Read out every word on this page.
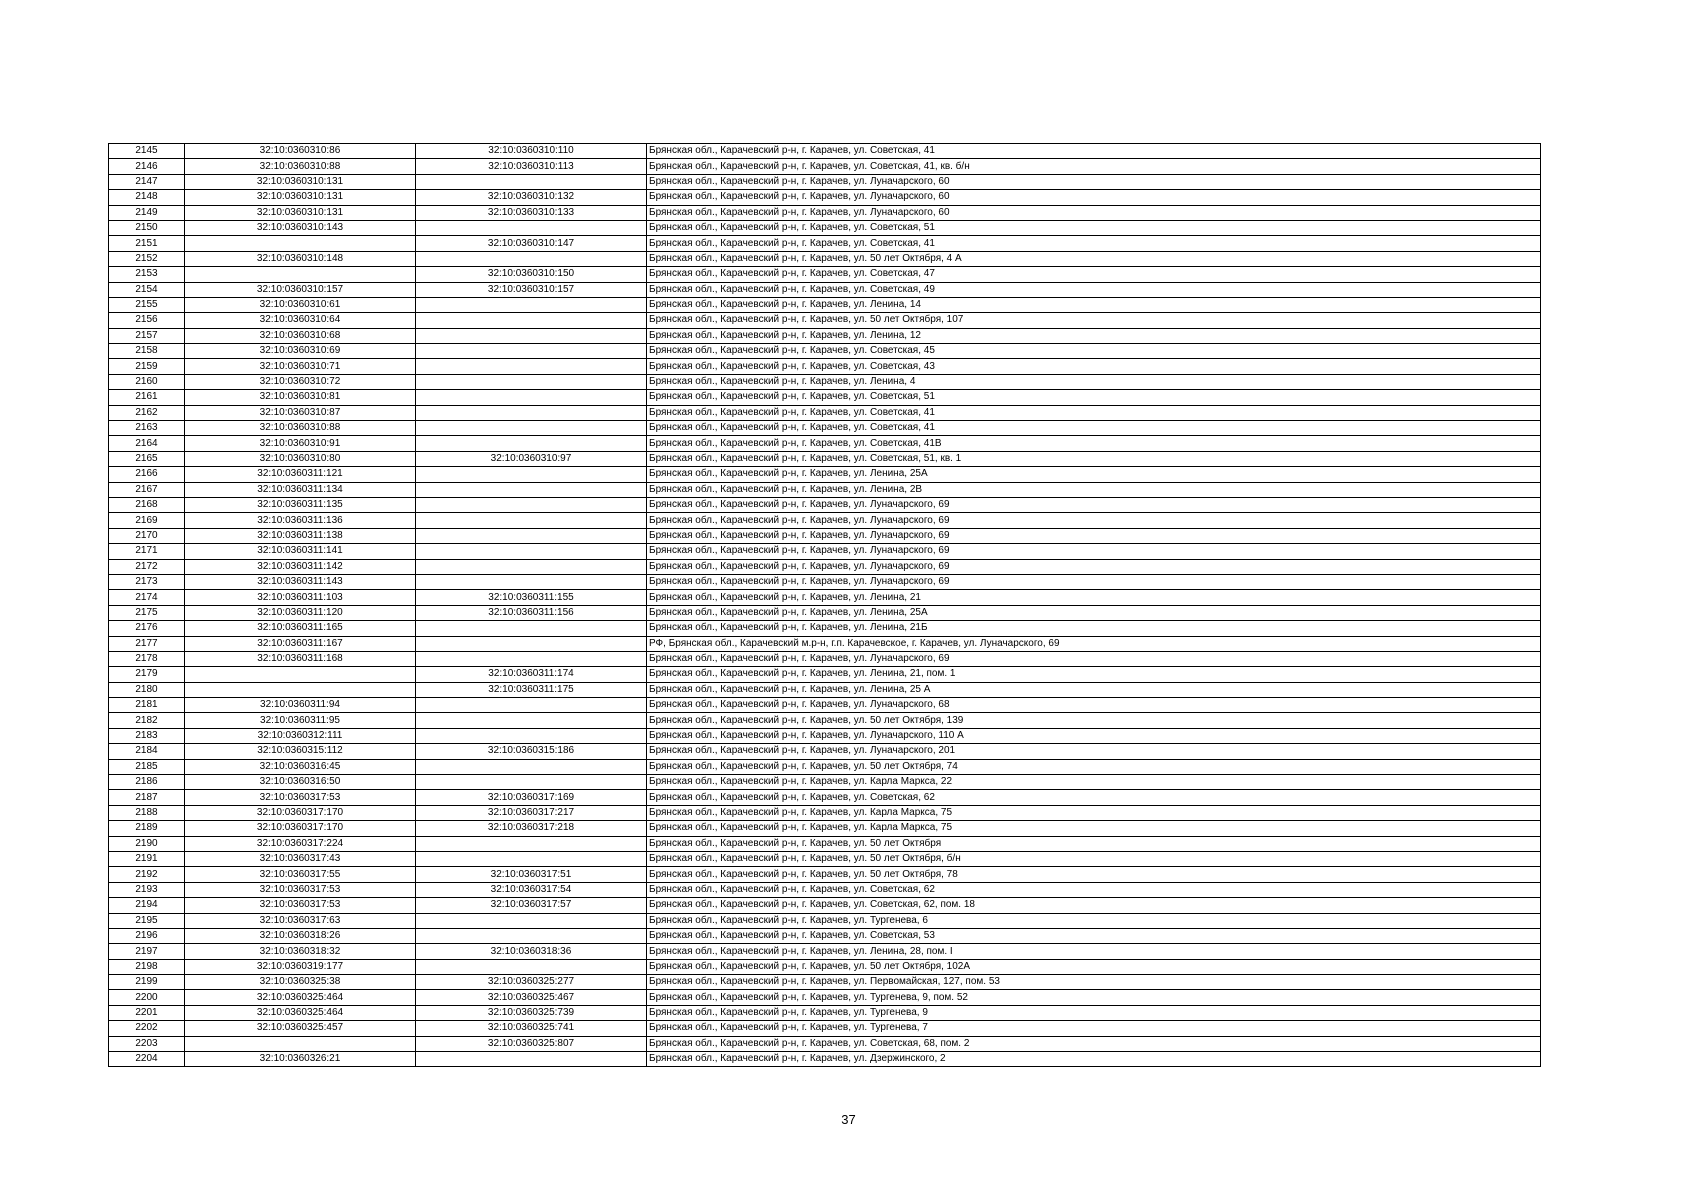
2145	32:10:0360310:86	32:10:0360310:110	Брянская обл., Карачевский р-н, г. Карачев, ул. Советская, 41
2146	32:10:0360310:88	32:10:0360310:113	Брянская обл., Карачевский р-н, г. Карачев, ул. Советская, 41, кв. б/н
2147	32:10:0360310:131		Брянская обл., Карачевский р-н, г. Карачев, ул. Луначарского, 60
2148	32:10:0360310:131	32:10:0360310:132	Брянская обл., Карачевский р-н, г. Карачев, ул. Луначарского, 60
2149	32:10:0360310:131	32:10:0360310:133	Брянская обл., Карачевский р-н, г. Карачев, ул. Луначарского, 60
2150	32:10:0360310:143		Брянская обл., Карачевский р-н, г. Карачев, ул. Советская, 51
2151		32:10:0360310:147	Брянская обл., Карачевский р-н, г. Карачев, ул. Советская, 41
2152	32:10:0360310:148		Брянская обл., Карачевский р-н, г. Карачев, ул. 50 лет Октября, 4 А
2153		32:10:0360310:150	Брянская обл., Карачевский р-н, г. Карачев, ул. Советская, 47
2154	32:10:0360310:157	32:10:0360310:157	Брянская обл., Карачевский р-н, г. Карачев, ул. Советская, 49
2155	32:10:0360310:61		Брянская обл., Карачевский р-н, г. Карачев, ул. Ленина, 14
2156	32:10:0360310:64		Брянская обл., Карачевский р-н, г. Карачев, ул. 50 лет Октября, 107
2157	32:10:0360310:68		Брянская обл., Карачевский р-н, г. Карачев, ул. Ленина, 12
2158	32:10:0360310:69		Брянская обл., Карачевский р-н, г. Карачев, ул. Советская, 45
2159	32:10:0360310:71		Брянская обл., Карачевский р-н, г. Карачев, ул. Советская, 43
2160	32:10:0360310:72		Брянская обл., Карачевский р-н, г. Карачев, ул. Ленина, 4
2161	32:10:0360310:81		Брянская обл., Карачевский р-н, г. Карачев, ул. Советская, 51
2162	32:10:0360310:87		Брянская обл., Карачевский р-н, г. Карачев, ул. Советская, 41
2163	32:10:0360310:88		Брянская обл., Карачевский р-н, г. Карачев, ул. Советская, 41
2164	32:10:0360310:91		Брянская обл., Карачевский р-н, г. Карачев, ул. Советская, 41В
2165	32:10:0360310:80	32:10:0360310:97	Брянская обл., Карачевский р-н, г. Карачев, ул. Советская, 51, кв. 1
2166	32:10:0360311:121		Брянская обл., Карачевский р-н, г. Карачев, ул. Ленина, 25А
2167	32:10:0360311:134		Брянская обл., Карачевский р-н, г. Карачев, ул. Ленина, 2В
2168	32:10:0360311:135		Брянская обл., Карачевский р-н, г. Карачев, ул. Луначарского, 69
2169	32:10:0360311:136		Брянская обл., Карачевский р-н, г. Карачев, ул. Луначарского, 69
2170	32:10:0360311:138		Брянская обл., Карачевский р-н, г. Карачев, ул. Луначарского, 69
2171	32:10:0360311:141		Брянская обл., Карачевский р-н, г. Карачев, ул. Луначарского, 69
2172	32:10:0360311:142		Брянская обл., Карачевский р-н, г. Карачев, ул. Луначарского, 69
2173	32:10:0360311:143		Брянская обл., Карачевский р-н, г. Карачев, ул. Луначарского, 69
2174	32:10:0360311:103	32:10:0360311:155	Брянская обл., Карачевский р-н, г. Карачев, ул. Ленина, 21
2175	32:10:0360311:120	32:10:0360311:156	Брянская обл., Карачевский р-н, г. Карачев, ул. Ленина, 25А
2176	32:10:0360311:165		Брянская обл., Карачевский р-н, г. Карачев, ул. Ленина, 21Б
2177	32:10:0360311:167		РФ, Брянская обл., Карачевский м.р-н, г.п. Карачевское, г. Карачев, ул. Луначарского, 69
2178	32:10:0360311:168		Брянская обл., Карачевский р-н, г. Карачев, ул. Луначарского, 69
2179		32:10:0360311:174	Брянская обл., Карачевский р-н, г. Карачев, ул. Ленина, 21, пом. 1
2180		32:10:0360311:175	Брянская обл., Карачевский р-н, г. Карачев, ул. Ленина, 25 А
2181	32:10:0360311:94		Брянская обл., Карачевский р-н, г. Карачев, ул. Луначарского, 68
2182	32:10:0360311:95		Брянская обл., Карачевский р-н, г. Карачев, ул. 50 лет Октября, 139
2183	32:10:0360312:111		Брянская обл., Карачевский р-н, г. Карачев, ул. Луначарского, 110 А
2184	32:10:0360315:112	32:10:0360315:186	Брянская обл., Карачевский р-н, г. Карачев, ул. Луначарского, 201
2185	32:10:0360316:45		Брянская обл., Карачевский р-н, г. Карачев, ул. 50 лет Октября, 74
2186	32:10:0360316:50		Брянская обл., Карачевский р-н, г. Карачев, ул. Карла Маркса, 22
2187	32:10:0360317:53	32:10:0360317:169	Брянская обл., Карачевский р-н, г. Карачев, ул. Советская, 62
2188	32:10:0360317:170	32:10:0360317:217	Брянская обл., Карачевский р-н, г. Карачев, ул. Карла Маркса, 75
2189	32:10:0360317:170	32:10:0360317:218	Брянская обл., Карачевский р-н, г. Карачев, ул. Карла Маркса, 75
2190	32:10:0360317:224		Брянская обл., Карачевский р-н, г. Карачев, ул. 50 лет Октября
2191	32:10:0360317:43		Брянская обл., Карачевский р-н, г. Карачев, ул. 50 лет Октября, б/н
2192	32:10:0360317:55	32:10:0360317:51	Брянская обл., Карачевский р-н, г. Карачев, ул. 50 лет Октября, 78
2193	32:10:0360317:53	32:10:0360317:54	Брянская обл., Карачевский р-н, г. Карачев, ул. Советская, 62
2194	32:10:0360317:53	32:10:0360317:57	Брянская обл., Карачевский р-н, г. Карачев, ул. Советская, 62, пом. 18
2195	32:10:0360317:63		Брянская обл., Карачевский р-н, г. Карачев, ул. Тургенева, 6
2196	32:10:0360318:26		Брянская обл., Карачевский р-н, г. Карачев, ул. Советская, 53
2197	32:10:0360318:32	32:10:0360318:36	Брянская обл., Карачевский р-н, г. Карачев, ул. Ленина, 28, пом. I
2198	32:10:0360319:177		Брянская обл., Карачевский р-н, г. Карачев, ул. 50 лет Октября, 102А
2199	32:10:0360325:38	32:10:0360325:277	Брянская обл., Карачевский р-н, г. Карачев, ул. Первомайская, 127, пом. 53
2200	32:10:0360325:464	32:10:0360325:467	Брянская обл., Карачевский р-н, г. Карачев, ул. Тургенева, 9, пом. 52
2201	32:10:0360325:464	32:10:0360325:739	Брянская обл., Карачевский р-н, г. Карачев, ул. Тургенева, 9
2202	32:10:0360325:457	32:10:0360325:741	Брянская обл., Карачевский р-н, г. Карачев, ул. Тургенева, 7
2203		32:10:0360325:807	Брянская обл., Карачевский р-н, г. Карачев, ул. Советская, 68, пом. 2
2204	32:10:0360326:21		Брянская обл., Карачевский р-н, г. Карачев, ул. Дзержинского, 2
37
